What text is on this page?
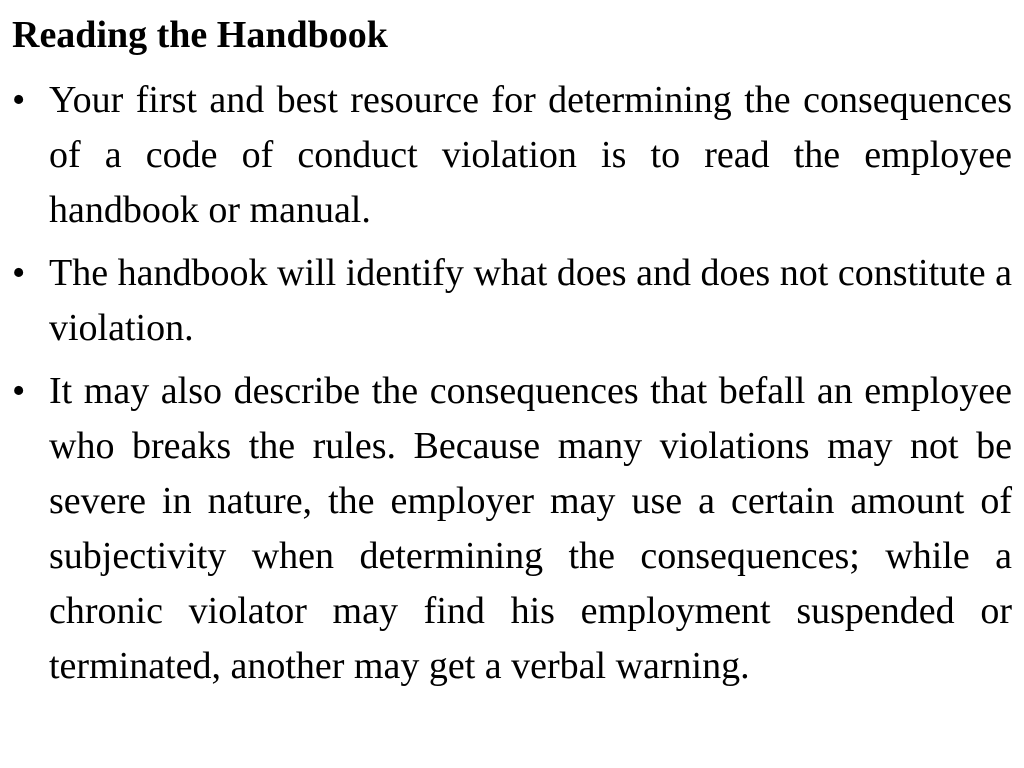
Reading the Handbook
• Your first and best resource for determining the consequences of a code of conduct violation is to read the employee handbook or manual.
• The handbook will identify what does and does not constitute a violation.
• It may also describe the consequences that befall an employee who breaks the rules. Because many violations may not be severe in nature, the employer may use a certain amount of subjectivity when determining the consequences; while a chronic violator may find his employment suspended or terminated, another may get a verbal warning.
